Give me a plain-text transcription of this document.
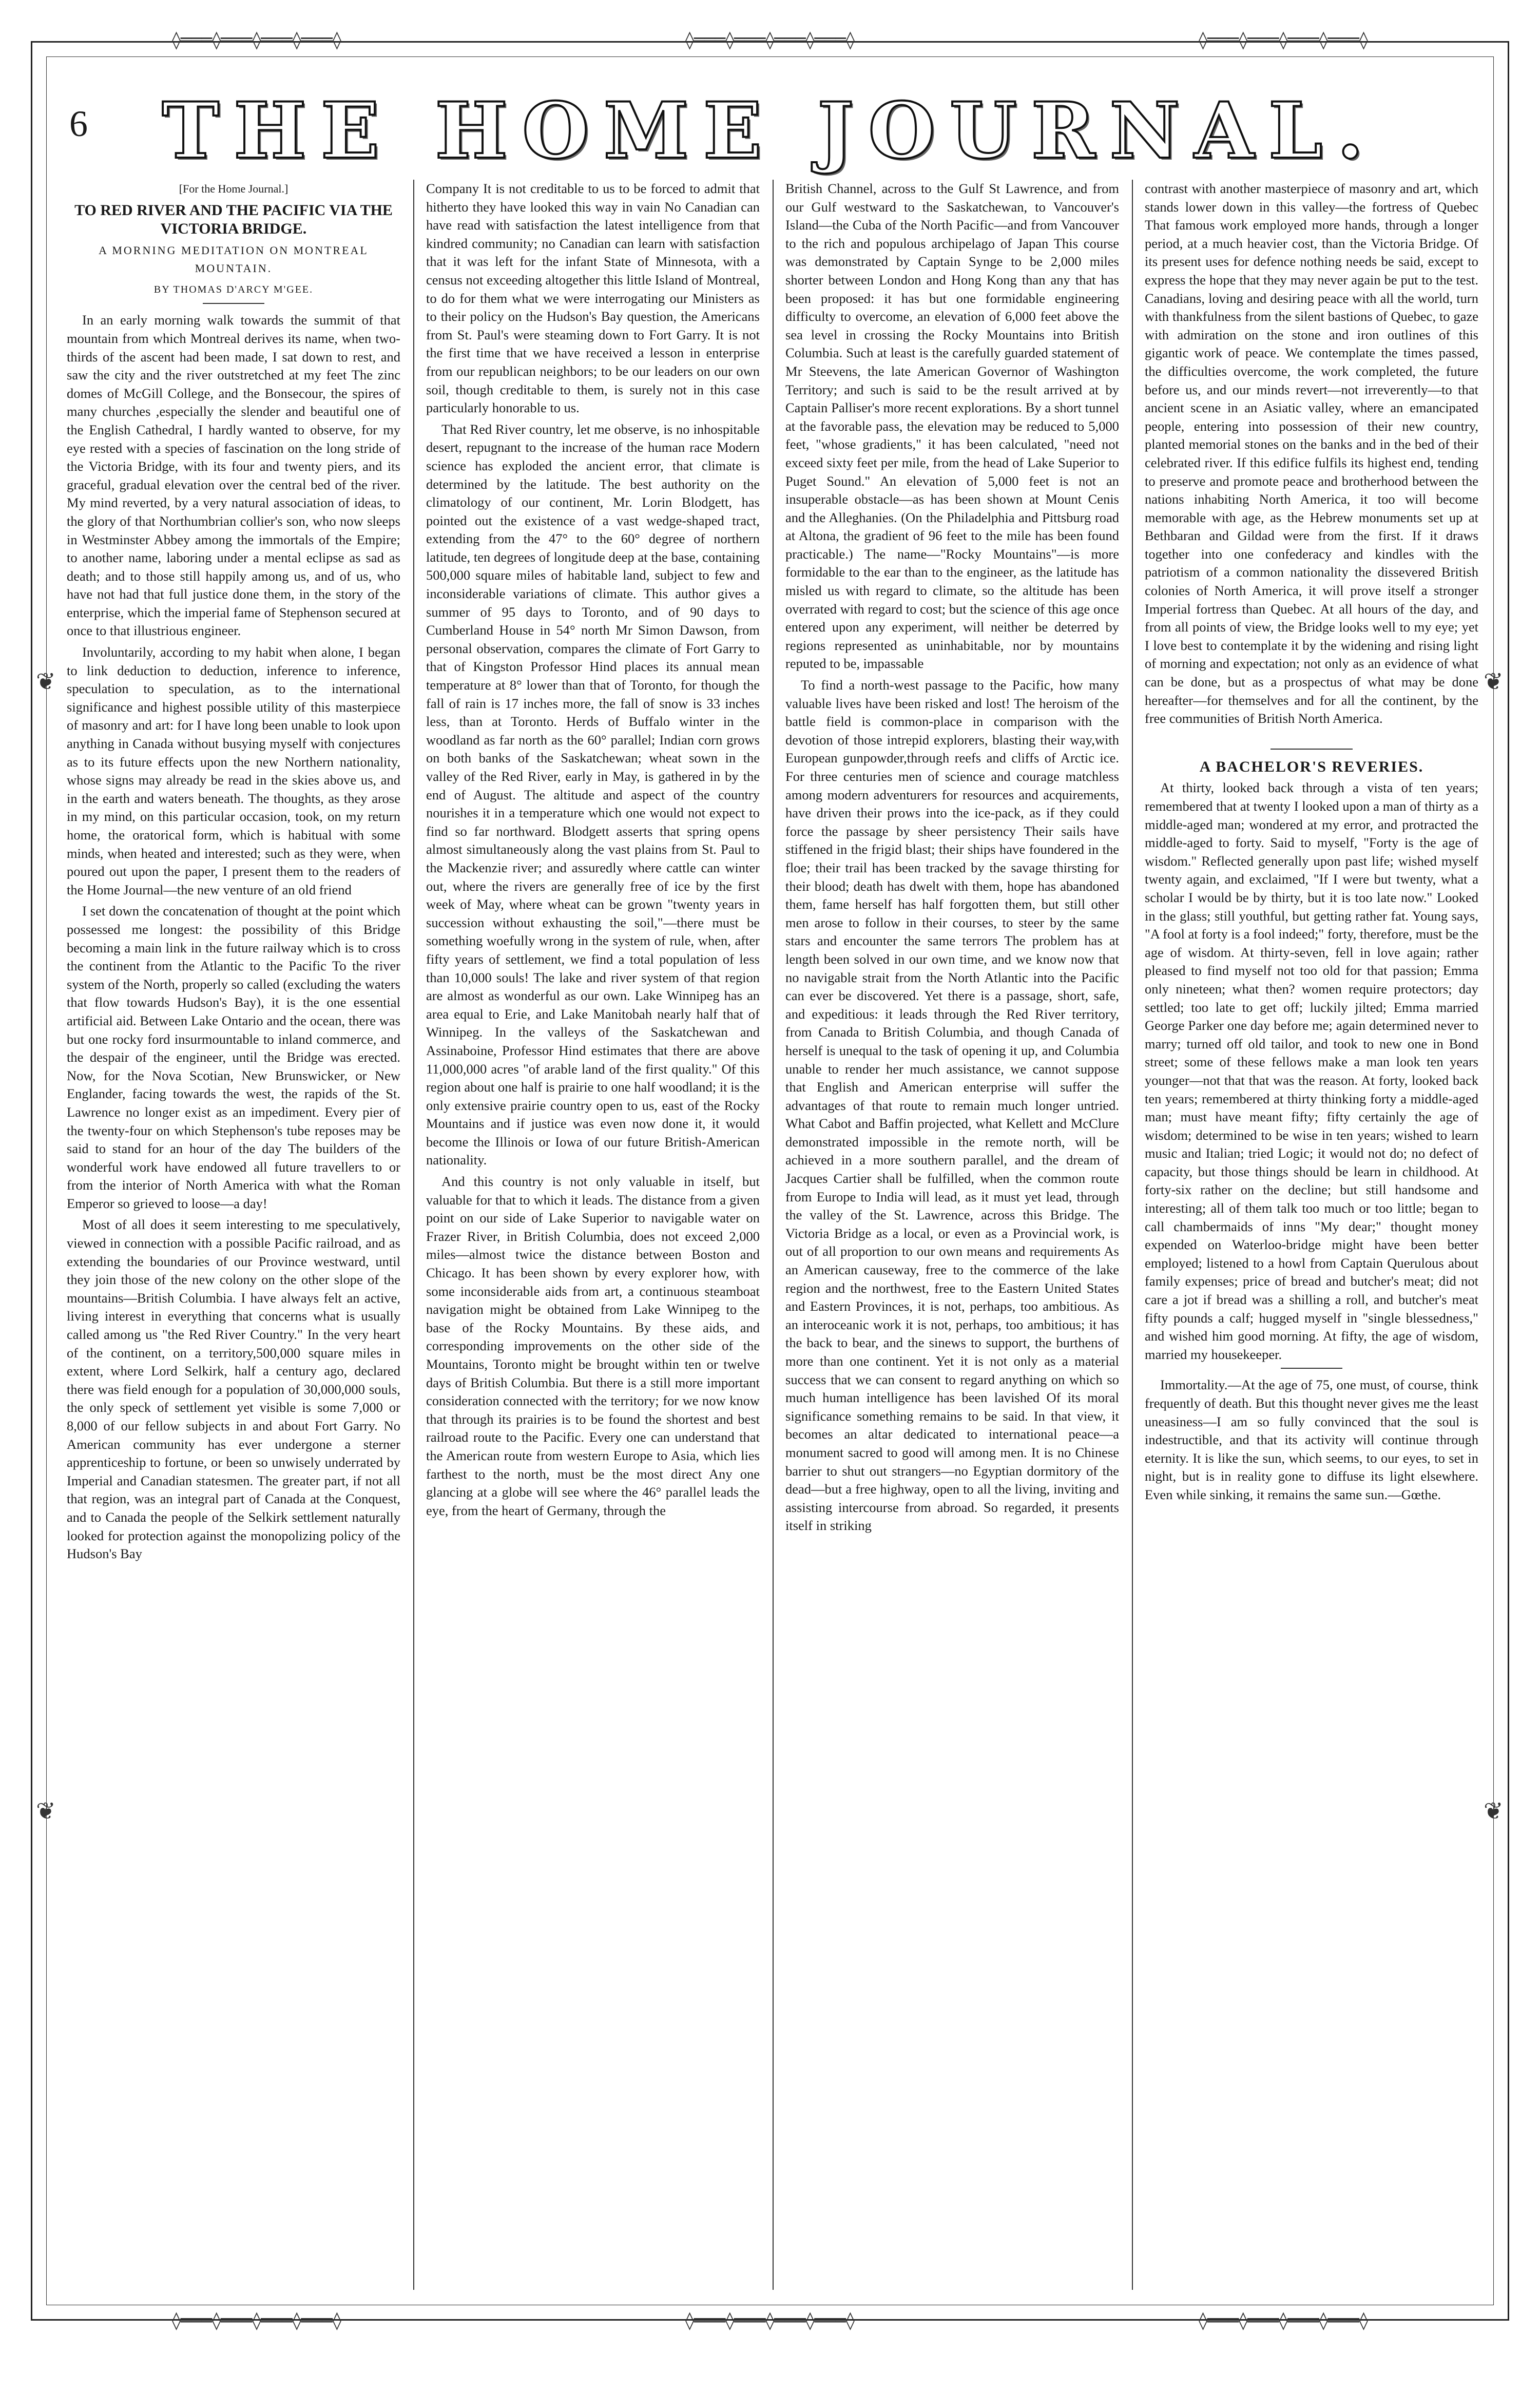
◊═══◊═══◊═══◊═══◊	◊═══◊═══◊═══◊═══◊	◊═══◊═══◊═══◊═══◊
◊═══◊═══◊═══◊═══◊	◊═══◊═══◊═══◊═══◊	◊═══◊═══◊═══◊═══◊
❦
❦
❦
❦
6 THE HOME JOURNAL.

[For the Home Journal.]

TO RED RIVER AND THE PACIFIC VIA THE VICTORIA BRIDGE.

A MORNING MEDITATION ON MONTREAL MOUNTAIN.

BY THOMAS D'ARCY M'GEE.

In an early morning walk towards the summit of that mountain from which Montreal derives its name, when two-thirds of the ascent had been made, I sat down to rest, and saw the city and the river outstretched at my feet The zinc domes of McGill College, and the Bonsecour, the spires of many churches ,especially the slender and beautiful one of the English Cathedral, I hardly wanted to observe, for my eye rested with a species of fascination on the long stride of the Victoria Bridge, with its four and twenty piers, and its graceful, gradual elevation over the central bed of the river. My mind reverted, by a very natural association of ideas, to the glory of that Northumbrian collier's son, who now sleeps in Westminster Abbey among the immortals of the Empire; to another name, laboring under a mental eclipse as sad as death; and to those still happily among us, and of us, who have not had that full justice done them, in the story of the enterprise, which the imperial fame of Stephenson secured at once to that illustrious engineer.

Involuntarily, according to my habit when alone, I began to link deduction to deduction, inference to inference, speculation to speculation, as to the international significance and highest possible utility of this masterpiece of masonry and art: for I have long been unable to look upon anything in Canada without busying myself with conjectures as to its future effects upon the new Northern nationality, whose signs may already be read in the skies above us, and in the earth and waters beneath. The thoughts, as they arose in my mind, on this particular occasion, took, on my return home, the oratorical form, which is habitual with some minds, when heated and interested; such as they were, when poured out upon the paper, I present them to the readers of the Home Journal—the new venture of an old friend

I set down the concatenation of thought at the point which possessed me longest: the possibility of this Bridge becoming a main link in the future railway which is to cross the continent from the Atlantic to the Pacific To the river system of the North, properly so called (excluding the waters that flow towards Hudson's Bay), it is the one essential artificial aid. Between Lake Ontario and the ocean, there was but one rocky ford insurmountable to inland commerce, and the despair of the engineer, until the Bridge was erected. Now, for the Nova Scotian, New Brunswicker, or New Englander, facing towards the west, the rapids of the St. Lawrence no longer exist as an impediment. Every pier of the twenty-four on which Stephenson's tube reposes may be said to stand for an hour of the day The builders of the wonderful work have endowed all future travellers to or from the interior of North America with what the Roman Emperor so grieved to loose—a day!

Most of all does it seem interesting to me speculatively, viewed in connection with a possible Pacific railroad, and as extending the boundaries of our Province westward, until they join those of the new colony on the other slope of the mountains—British Columbia. I have always felt an active, living interest in everything that concerns what is usually called among us "the Red River Country." In the very heart of the continent, on a territory,500,000 square miles in extent, where Lord Selkirk, half a century ago, declared there was field enough for a population of 30,000,000 souls, the only speck of settlement yet visible is some 7,000 or 8,000 of our fellow subjects in and about Fort Garry. No American community has ever undergone a sterner apprenticeship to fortune, or been so unwisely underrated by Imperial and Canadian statesmen. The greater part, if not all that region, was an integral part of Canada at the Conquest, and to Canada the people of the Selkirk settlement naturally looked for protection against the monopolizing policy of the Hudson's Bay

Company It is not creditable to us to be forced to admit that hitherto they have looked this way in vain No Canadian can have read with satisfaction the latest intelligence from that kindred community; no Canadian can learn with satisfaction that it was left for the infant State of Minnesota, with a census not exceeding altogether this little Island of Montreal, to do for them what we were interrogating our Ministers as to their policy on the Hudson's Bay question, the Americans from St. Paul's were steaming down to Fort Garry. It is not the first time that we have received a lesson in enterprise from our republican neighbors; to be our leaders on our own soil, though creditable to them, is surely not in this case particularly honorable to us.

That Red River country, let me observe, is no inhospitable desert, repugnant to the increase of the human race Modern science has exploded the ancient error, that climate is determined by the latitude. The best authority on the climatology of our continent, Mr. Lorin Blodgett, has pointed out the existence of a vast wedge-shaped tract, extending from the 47° to the 60° degree of northern latitude, ten degrees of longitude deep at the base, containing 500,000 square miles of habitable land, subject to few and inconsiderable variations of climate. This author gives a summer of 95 days to Toronto, and of 90 days to Cumberland House in 54° north Mr Simon Dawson, from personal observation, compares the climate of Fort Garry to that of Kingston Professor Hind places its annual mean temperature at 8° lower than that of Toronto, for though the fall of rain is 17 inches more, the fall of snow is 33 inches less, than at Toronto. Herds of Buffalo winter in the woodland as far north as the 60° parallel; Indian corn grows on both banks of the Saskatchewan; wheat sown in the valley of the Red River, early in May, is gathered in by the end of August. The altitude and aspect of the country nourishes it in a temperature which one would not expect to find so far northward. Blodgett asserts that spring opens almost simultaneously along the vast plains from St. Paul to the Mackenzie river; and assuredly where cattle can winter out, where the rivers are generally free of ice by the first week of May, where wheat can be grown "twenty years in succession without exhausting the soil,"—there must be something woefully wrong in the system of rule, when, after fifty years of settlement, we find a total population of less than 10,000 souls! The lake and river system of that region are almost as wonderful as our own. Lake Winnipeg has an area equal to Erie, and Lake Manitobah nearly half that of Winnipeg. In the valleys of the Saskatchewan and Assinaboine, Professor Hind estimates that there are above 11,000,000 acres "of arable land of the first quality." Of this region about one half is prairie to one half woodland; it is the only extensive prairie country open to us, east of the Rocky Mountains and if justice was even now done it, it would become the Illinois or Iowa of our future British-American nationality.

And this country is not only valuable in itself, but valuable for that to which it leads. The distance from a given point on our side of Lake Superior to navigable water on Frazer River, in British Columbia, does not exceed 2,000 miles—almost twice the distance between Boston and Chicago. It has been shown by every explorer how, with some inconsiderable aids from art, a continuous steamboat navigation might be obtained from Lake Winnipeg to the base of the Rocky Mountains. By these aids, and corresponding improvements on the other side of the Mountains, Toronto might be brought within ten or twelve days of British Columbia. But there is a still more important consideration connected with the territory; for we now know that through its prairies is to be found the shortest and best railroad route to the Pacific. Every one can understand that the American route from western Europe to Asia, which lies farthest to the north, must be the most direct Any one glancing at a globe will see where the 46° parallel leads the eye, from the heart of Germany, through the

British Channel, across to the Gulf St Lawrence, and from our Gulf westward to the Saskatchewan, to Vancouver's Island—the Cuba of the North Pacific—and from Vancouver to the rich and populous archipelago of Japan This course was demonstrated by Captain Synge to be 2,000 miles shorter between London and Hong Kong than any that has been proposed: it has but one formidable engineering difficulty to overcome, an elevation of 6,000 feet above the sea level in crossing the Rocky Mountains into British Columbia. Such at least is the carefully guarded statement of Mr Steevens, the late American Governor of Washington Territory; and such is said to be the result arrived at by Captain Palliser's more recent explorations. By a short tunnel at the favorable pass, the elevation may be reduced to 5,000 feet, "whose gradients," it has been calculated, "need not exceed sixty feet per mile, from the head of Lake Superior to Puget Sound." An elevation of 5,000 feet is not an insuperable obstacle—as has been shown at Mount Cenis and the Alleghanies. (On the Philadelphia and Pittsburg road at Altona, the gradient of 96 feet to the mile has been found practicable.) The name—"Rocky Mountains"—is more formidable to the ear than to the engineer, as the latitude has misled us with regard to climate, so the altitude has been overrated with regard to cost; but the science of this age once entered upon any experiment, will neither be deterred by regions represented as uninhabitable, nor by mountains reputed to be, impassable

To find a north-west passage to the Pacific, how many valuable lives have been risked and lost! The heroism of the battle field is common-place in comparison with the devotion of those intrepid explorers, blasting their way,with European gunpowder,through reefs and cliffs of Arctic ice. For three centuries men of science and courage matchless among modern adventurers for resources and acquirements, have driven their prows into the ice-pack, as if they could force the passage by sheer persistency Their sails have stiffened in the frigid blast; their ships have foundered in the floe; their trail has been tracked by the savage thirsting for their blood; death has dwelt with them, hope has abandoned them, fame herself has half forgotten them, but still other men arose to follow in their courses, to steer by the same stars and encounter the same terrors The problem has at length been solved in our own time, and we know now that no navigable strait from the North Atlantic into the Pacific can ever be discovered. Yet there is a passage, short, safe, and expeditious: it leads through the Red River territory, from Canada to British Columbia, and though Canada of herself is unequal to the task of opening it up, and Columbia unable to render her much assistance, we cannot suppose that English and American enterprise will suffer the advantages of that route to remain much longer untried. What Cabot and Baffin projected, what Kellett and McClure demonstrated impossible in the remote north, will be achieved in a more southern parallel, and the dream of Jacques Cartier shall be fulfilled, when the common route from Europe to India will lead, as it must yet lead, through the valley of the St. Lawrence, across this Bridge. The Victoria Bridge as a local, or even as a Provincial work, is out of all proportion to our own means and requirements As an American causeway, free to the commerce of the lake region and the northwest, free to the Eastern United States and Eastern Provinces, it is not, perhaps, too ambitious. As an interoceanic work it is not, perhaps, too ambitious; it has the back to bear, and the sinews to support, the burthens of more than one continent. Yet it is not only as a material success that we can consent to regard anything on which so much human intelligence has been lavished Of its moral significance something remains to be said. In that view, it becomes an altar dedicated to international peace—a monument sacred to good will among men. It is no Chinese barrier to shut out strangers—no Egyptian dormitory of the dead—but a free highway, open to all the living, inviting and assisting intercourse from abroad. So regarded, it presents itself in striking

contrast with another masterpiece of masonry and art, which stands lower down in this valley—the fortress of Quebec That famous work employed more hands, through a longer period, at a much heavier cost, than the Victoria Bridge. Of its present uses for defence nothing needs be said, except to express the hope that they may never again be put to the test. Canadians, loving and desiring peace with all the world, turn with thankfulness from the silent bastions of Quebec, to gaze with admiration on the stone and iron outlines of this gigantic work of peace. We contemplate the times passed, the difficulties overcome, the work completed, the future before us, and our minds revert—not irreverently—to that ancient scene in an Asiatic valley, where an emancipated people, entering into possession of their new country, planted memorial stones on the banks and in the bed of their celebrated river. If this edifice fulfils its highest end, tending to preserve and promote peace and brotherhood between the nations inhabiting North America, it too will become memorable with age, as the Hebrew monuments set up at Bethbaran and Gildad were from the first. If it draws together into one confederacy and kindles with the patriotism of a common nationality the dissevered British colonies of North America, it will prove itself a stronger Imperial fortress than Quebec. At all hours of the day, and from all points of view, the Bridge looks well to my eye; yet I love best to contemplate it by the widening and rising light of morning and expectation; not only as an evidence of what can be done, but as a prospectus of what may be done hereafter—for themselves and for all the continent, by the free communities of British North America.

A BACHELOR'S REVERIES.

At thirty, looked back through a vista of ten years; remembered that at twenty I looked upon a man of thirty as a middle-aged man; wondered at my error, and protracted the middle-aged to forty. Said to myself, "Forty is the age of wisdom." Reflected generally upon past life; wished myself twenty again, and exclaimed, "If I were but twenty, what a scholar I would be by thirty, but it is too late now." Looked in the glass; still youthful, but getting rather fat. Young says, "A fool at forty is a fool indeed;" forty, therefore, must be the age of wisdom. At thirty-seven, fell in love again; rather pleased to find myself not too old for that passion; Emma only nineteen; what then? women require protectors; day settled; too late to get off; luckily jilted; Emma married George Parker one day before me; again determined never to marry; turned off old tailor, and took to new one in Bond street; some of these fellows make a man look ten years younger—not that that was the reason. At forty, looked back ten years; remembered at thirty thinking forty a middle-aged man; must have meant fifty; fifty certainly the age of wisdom; determined to be wise in ten years; wished to learn music and Italian; tried Logic; it would not do; no defect of capacity, but those things should be learn in childhood. At forty-six rather on the decline; but still handsome and interesting; all of them talk too much or too little; began to call chambermaids of inns "My dear;" thought money expended on Waterloo-bridge might have been better employed; listened to a howl from Captain Querulous about family expenses; price of bread and butcher's meat; did not care a jot if bread was a shilling a roll, and butcher's meat fifty pounds a calf; hugged myself in "single blessedness," and wished him good morning. At fifty, the age of wisdom, married my housekeeper.

Immortality.—At the age of 75, one must, of course, think frequently of death. But this thought never gives me the least uneasiness—I am so fully convinced that the soul is indestructible, and that its activity will continue through eternity. It is like the sun, which seems, to our eyes, to set in night, but is in reality gone to diffuse its light elsewhere. Even while sinking, it remains the same sun.—Gœthe.
